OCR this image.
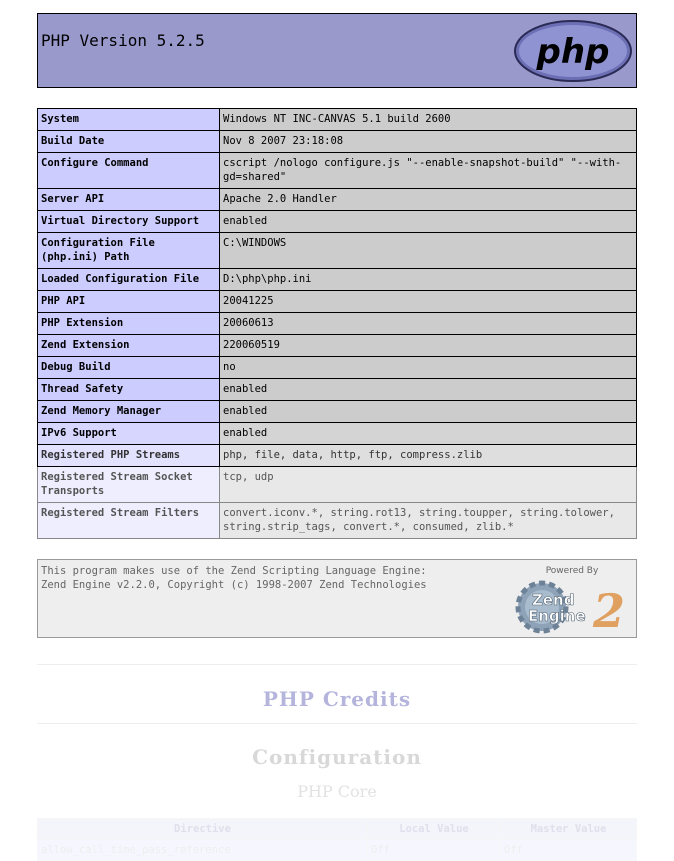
PHP Version 5.2.5	php
System	Windows NT INC-CANVAS 5.1 build 2600
Build Date	Nov 8 2007 23:18:08
Configure Command	cscript /nologo configure.js "--enable-snapshot-build" "--with-gd=shared"
Server API	Apache 2.0 Handler
Virtual Directory Support	enabled
Configuration File (php.ini) Path	C:\WINDOWS
Loaded Configuration File	D:\php\php.ini
PHP API	20041225
PHP Extension	20060613
Zend Extension	220060519
Debug Build	no
Thread Safety	enabled
Zend Memory Manager	enabled
IPv6 Support	enabled
Registered PHP Streams	php, file, data, http, ftp, compress.zlib
Registered Stream Socket Transports	tcp, udp
Registered Stream Filters	convert.iconv.*, string.rot13, string.toupper, string.tolower, string.strip_tags, convert.*, consumed, zlib.*
This program makes use of the Zend Scripting Language Engine:
Zend Engine v2.2.0, Copyright (c) 1998-2007 Zend Technologies
Powered By
2
Zend
Engine
PHP Credits
Configuration
PHP Core
Directive	Local Value	Master Value
allow_call_time_pass_reference	Off	Off
